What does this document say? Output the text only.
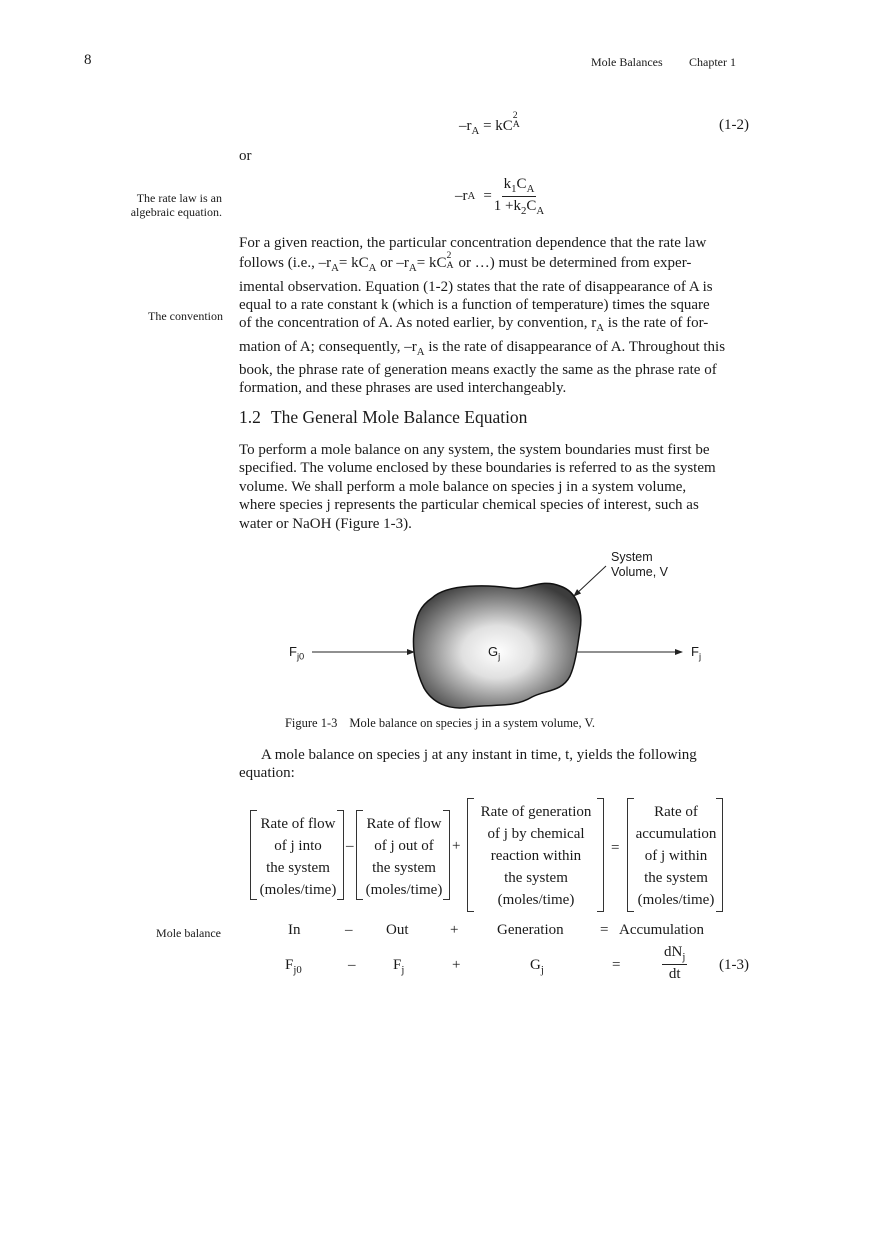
8	Mole Balances Chapter 1
$-r_A$ = kC
2
A	(1-2)
or
The rate law is an
algebraic equation.
–r $A = \frac{k_1C_A}{1 +k_2C_A}$
For a given reaction, the particular concentration dependence that the rate law
follows (i.e., $-r_A= kC_A$ or $-r_A=$ kC 2
A or …) must be determined from exper-
imental observation. Equation (1-2) states that the rate of disappearance of A is
equal to a rate constant k (which is a function of temperature) times the square
of the concentration of A. As noted earlier, by convention, $r_A$ is the rate of for-
mation of A; consequently, $-r_A$ is the rate of disappearance of A. Throughout this
book, the phrase rate of generation means exactly the same as the phrase rate of
formation, and these phrases are used interchangeably.
The convention
1.2 The General Mole Balance Equation
To perform a mole balance on any system, the system boundaries must first be
specified. The volume enclosed by these boundaries is referred to as the system
volume. We shall perform a mole balance on species j in a system volume,
where species j represents the particular chemical species of interest, such as
water or NaOH (Figure 1-3).
System
Volume, V
$F_{j0}$	$G_j$	$F_j$
Figure 1-3 Mole balance on species j in a system volume, V.
A mole balance on species j at any instant in time, t, yields the following
equation:
Rate of flow
of j into
the system
(moles/time)
–
Rate of flow
of j out of
the system
(moles/time)
+
Rate of generation
of j by chemical
reaction within
the system
(moles/time)
=
Rate of
accumulation
of j within
the system
(moles/time)
Mole balance	In	– Out	+	Generation = Accumulation
$F_{j0}$	–	$F_j$	+	$G_j$	=	$\frac{dN_j}{dt} (1-3)$
